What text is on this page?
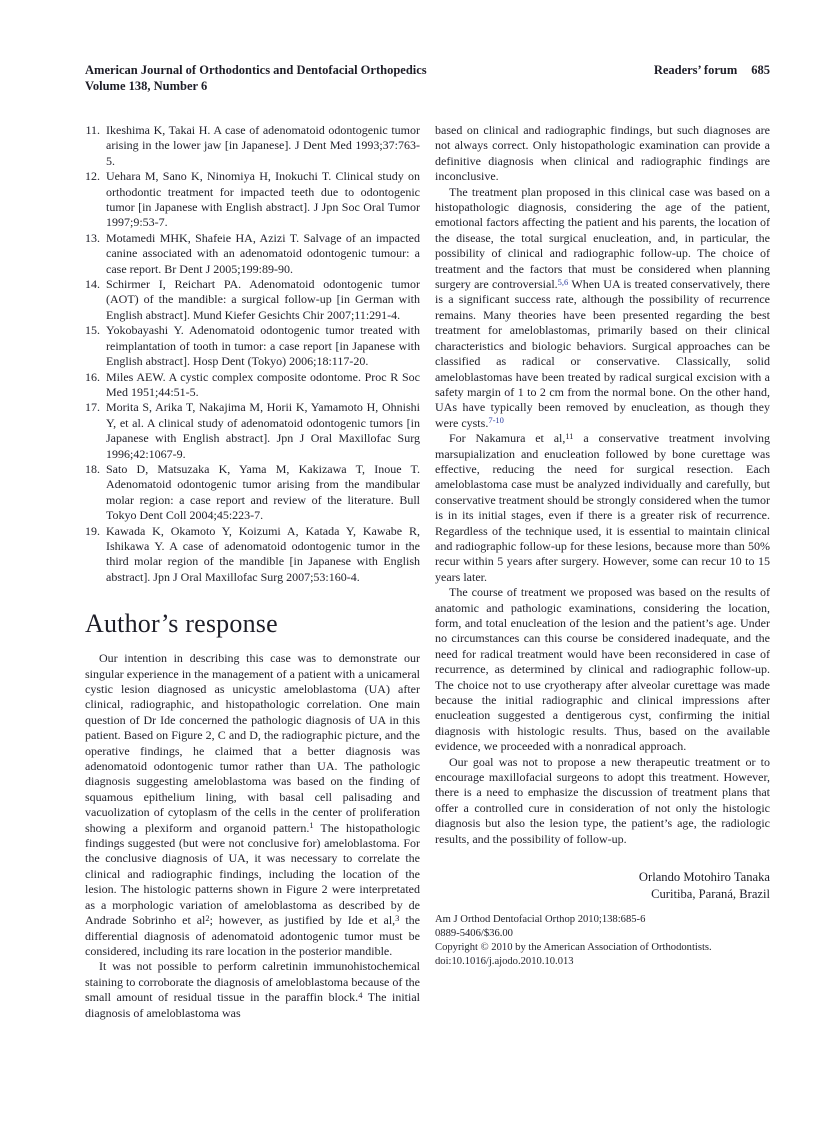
American Journal of Orthodontics and Dentofacial Orthopedics
Volume 138, Number 6
Readers’ forum 685
11. Ikeshima K, Takai H. A case of adenomatoid odontogenic tumor arising in the lower jaw [in Japanese]. J Dent Med 1993;37:763-5.
12. Uehara M, Sano K, Ninomiya H, Inokuchi T. Clinical study on orthodontic treatment for impacted teeth due to odontogenic tumor [in Japanese with English abstract]. J Jpn Soc Oral Tumor 1997;9:53-7.
13. Motamedi MHK, Shafeie HA, Azizi T. Salvage of an impacted canine associated with an adenomatoid odontogenic tumour: a case report. Br Dent J 2005;199:89-90.
14. Schirmer I, Reichart PA. Adenomatoid odontogenic tumor (AOT) of the mandible: a surgical follow-up [in German with English abstract]. Mund Kiefer Gesichts Chir 2007;11:291-4.
15. Yokobayashi Y. Adenomatoid odontogenic tumor treated with reimplantation of tooth in tumor: a case report [in Japanese with English abstract]. Hosp Dent (Tokyo) 2006;18:117-20.
16. Miles AEW. A cystic complex composite odontome. Proc R Soc Med 1951;44:51-5.
17. Morita S, Arika T, Nakajima M, Horii K, Yamamoto H, Ohnishi Y, et al. A clinical study of adenomatoid odontogenic tumors [in Japanese with English abstract]. Jpn J Oral Maxillofac Surg 1996;42:1067-9.
18. Sato D, Matsuzaka K, Yama M, Kakizawa T, Inoue T. Adenomatoid odontogenic tumor arising from the mandibular molar region: a case report and review of the literature. Bull Tokyo Dent Coll 2004;45:223-7.
19. Kawada K, Okamoto Y, Koizumi A, Katada Y, Kawabe R, Ishikawa Y. A case of adenomatoid odontogenic tumor in the third molar region of the mandible [in Japanese with English abstract]. Jpn J Oral Maxillofac Surg 2007;53:160-4.
Author’s response

Our intention in describing this case was to demonstrate our singular experience in the management of a patient with a unicameral cystic lesion diagnosed as unicystic ameloblastoma (UA) after clinical, radiographic, and histopathologic correlation. One main question of Dr Ide concerned the pathologic diagnosis of UA in this patient. Based on Figure 2, C and D, the radiographic picture, and the operative findings, he claimed that a better diagnosis was adenomatoid odontogenic tumor rather than UA. The pathologic diagnosis suggesting ameloblastoma was based on the finding of squamous epithelium lining, with basal cell palisading and vacuolization of cytoplasm of the cells in the center of proliferation showing a plexiform and organoid pattern.$^1$ The histopathologic findings suggested (but were not conclusive for) ameloblastoma. For the conclusive diagnosis of UA, it was necessary to correlate the clinical and radiographic findings, including the location of the lesion. The histologic patterns shown in Figure 2 were interpretated as a morphologic variation of ameloblastoma as described by de Andrade Sobrinho et $al^2$; however, as justified by Ide et al,$^3$ the differential diagnosis of adenomatoid adontogenic tumor must be considered, including its rare location in the posterior mandible.

It was not possible to perform calretinin immunohistochemical staining to corroborate the diagnosis of ameloblastoma because of the small amount of residual tissue in the paraffin block.$^4$ The initial diagnosis of ameloblastoma was

based on clinical and radiographic findings, but such diagnoses are not always correct. Only histopathologic examination can provide a definitive diagnosis when clinical and radiographic findings are inconclusive.

The treatment plan proposed in this clinical case was based on a histopathologic diagnosis, considering the age of the patient, emotional factors affecting the patient and his parents, the location of the disease, the total surgical enucleation, and, in particular, the possibility of clinical and radiographic follow-up. The choice of treatment and the factors that must be considered when planning surgery are controversial.$^{5,6}$ When UA is treated conservatively, there is a significant success rate, although the possibility of recurrence remains. Many theories have been presented regarding the best treatment for ameloblastomas, primarily based on their clinical characteristics and biologic behaviors. Surgical approaches can be classified as radical or conservative. Classically, solid ameloblastomas have been treated by radical surgical excision with a safety margin of 1 to 2 cm from the normal bone. On the other hand, UAs have typically been removed by enucleation, as though they were cysts.$^{7-10}$

For Nakamura et al,$^{11}$ a conservative treatment involving marsupialization and enucleation followed by bone curettage was effective, reducing the need for surgical resection. Each ameloblastoma case must be analyzed individually and carefully, but conservative treatment should be strongly considered when the tumor is in its initial stages, even if there is a greater risk of recurrence. Regardless of the technique used, it is essential to maintain clinical and radiographic follow-up for these lesions, because more than 50% recur within 5 years after surgery. However, some can recur 10 to 15 years later.

The course of treatment we proposed was based on the results of anatomic and pathologic examinations, considering the location, form, and total enucleation of the lesion and the patient’s age. Under no circumstances can this course be considered inadequate, and the need for radical treatment would have been reconsidered in case of recurrence, as determined by clinical and radiographic follow-up. The choice not to use cryotherapy after alveolar curettage was made because the initial radiographic and clinical impressions after enucleation suggested a dentigerous cyst, confirming the initial diagnosis with histologic results. Thus, based on the available evidence, we proceeded with a nonradical approach.

Our goal was not to propose a new therapeutic treatment or to encourage maxillofacial surgeons to adopt this treatment. However, there is a need to emphasize the discussion of treatment plans that offer a controlled cure in consideration of not only the histologic diagnosis but also the lesion type, the patient’s age, the radiologic results, and the possibility of follow-up.

Orlando Motohiro Tanaka
Curitiba, Paraná, Brazil
Am J Orthod Dentofacial Orthop 2010;138:685-6
0889-5406/$36.00
Copyright © 2010 by the American Association of Orthodontists.
doi:10.1016/j.ajodo.2010.10.013
